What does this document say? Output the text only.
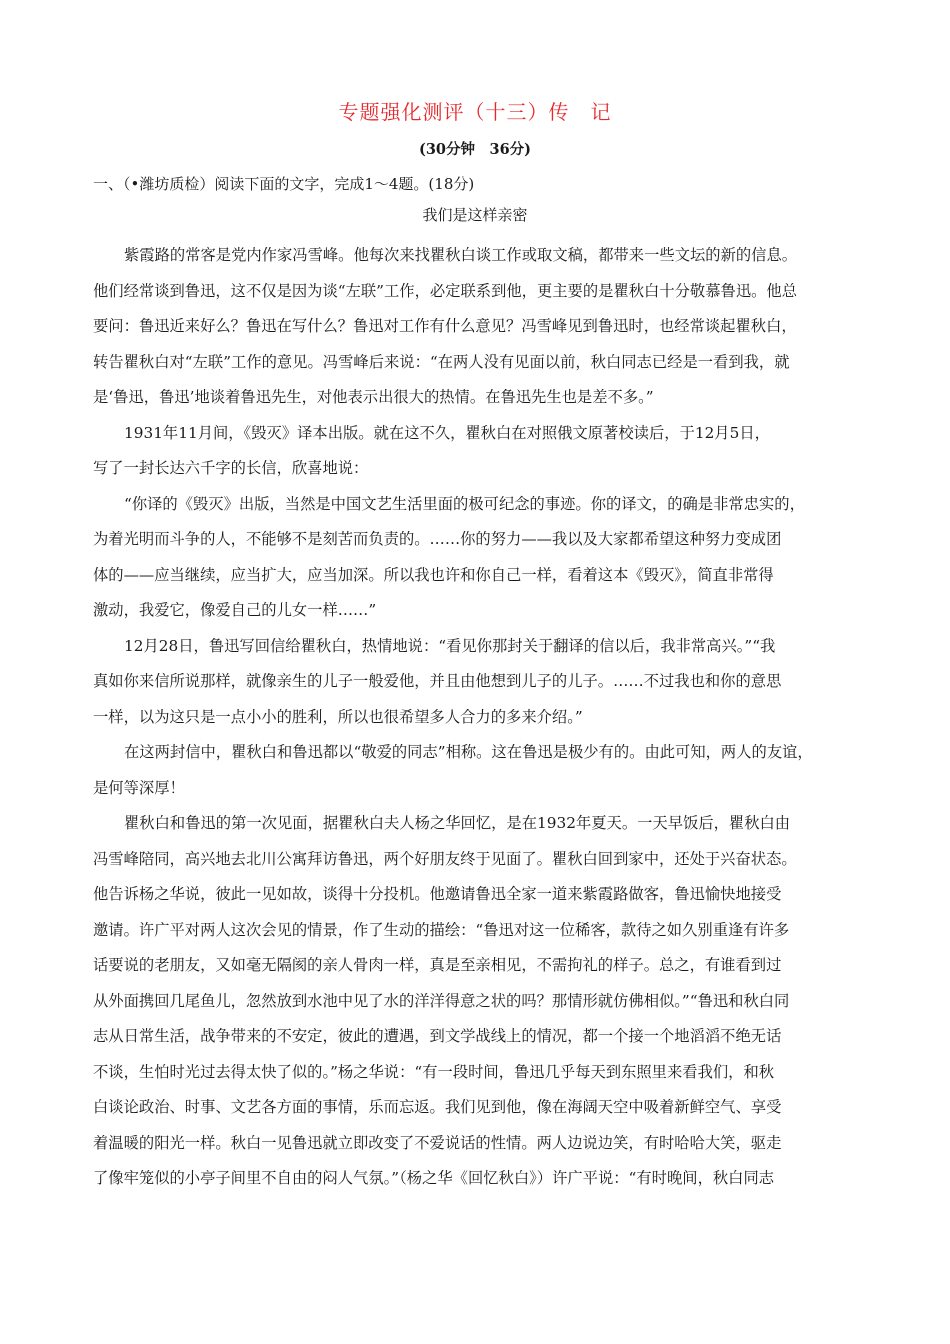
专题强化测评（十三）传　记
(30分钟　36分)
一、（•潍坊质检）阅读下面的文字，完成1～4题。(18分)
我们是这样亲密
紫霞路的常客是党内作家冯雪峰。他每次来找瞿秋白谈工作或取文稿，都带来一些文坛的新的信息。
他们经常谈到鲁迅，这不仅是因为谈“左联”工作，必定联系到他，更主要的是瞿秋白十分敬慕鲁迅。他总
要问：鲁迅近来好么？鲁迅在写什么？鲁迅对工作有什么意见？冯雪峰见到鲁迅时，也经常谈起瞿秋白，
转告瞿秋白对“左联”工作的意见。冯雪峰后来说：“在两人没有见面以前，秋白同志已经是一看到我，就
是‘鲁迅，鲁迅’地谈着鲁迅先生，对他表示出很大的热情。在鲁迅先生也是差不多。”
1931年11月间，《毁灭》译本出版。就在这不久，瞿秋白在对照俄文原著校读后，于12月5日，
写了一封长达六千字的长信，欣喜地说：
“你译的《毁灭》出版，当然是中国文艺生活里面的极可纪念的事迹。你的译文，的确是非常忠实的，
为着光明而斗争的人，不能够不是刻苦而负责的。……你的努力——我以及大家都希望这种努力变成团
体的——应当继续，应当扩大，应当加深。所以我也许和你自己一样，看着这本《毁灭》，简直非常得
激动，我爱它，像爱自己的儿女一样……”
12月28日，鲁迅写回信给瞿秋白，热情地说：“看见你那封关于翻译的信以后，我非常高兴。”“我
真如你来信所说那样，就像亲生的儿子一般爱他，并且由他想到儿子的儿子。……不过我也和你的意思
一样，以为这只是一点小小的胜利，所以也很希望多人合力的多来介绍。”
在这两封信中，瞿秋白和鲁迅都以“敬爱的同志”相称。这在鲁迅是极少有的。由此可知，两人的友谊，
是何等深厚！
瞿秋白和鲁迅的第一次见面，据瞿秋白夫人杨之华回忆，是在1932年夏天。一天早饭后，瞿秋白由
冯雪峰陪同，高兴地去北川公寓拜访鲁迅，两个好朋友终于见面了。瞿秋白回到家中，还处于兴奋状态。
他告诉杨之华说，彼此一见如故，谈得十分投机。他邀请鲁迅全家一道来紫霞路做客，鲁迅愉快地接受
邀请。许广平对两人这次会见的情景，作了生动的描绘：“鲁迅对这一位稀客，款待之如久别重逢有许多
话要说的老朋友，又如毫无隔阂的亲人骨肉一样，真是至亲相见，不需拘礼的样子。总之，有谁看到过
从外面携回几尾鱼儿，忽然放到水池中见了水的洋洋得意之状的吗？那情形就仿佛相似。”“鲁迅和秋白同
志从日常生活，战争带来的不安定，彼此的遭遇，到文学战线上的情况，都一个接一个地滔滔不绝无话
不谈，生怕时光过去得太快了似的。”杨之华说：“有一段时间，鲁迅几乎每天到东照里来看我们，和秋
白谈论政治、时事、文艺各方面的事情，乐而忘返。我们见到他，像在海阔天空中吸着新鲜空气、享受
着温暖的阳光一样。秋白一见鲁迅就立即改变了不爱说话的性情。两人边说边笑，有时哈哈大笑，驱走
了像牢笼似的小亭子间里不自由的闷人气氛。”（杨之华《回忆秋白》）许广平说：“有时晚间，秋白同志
